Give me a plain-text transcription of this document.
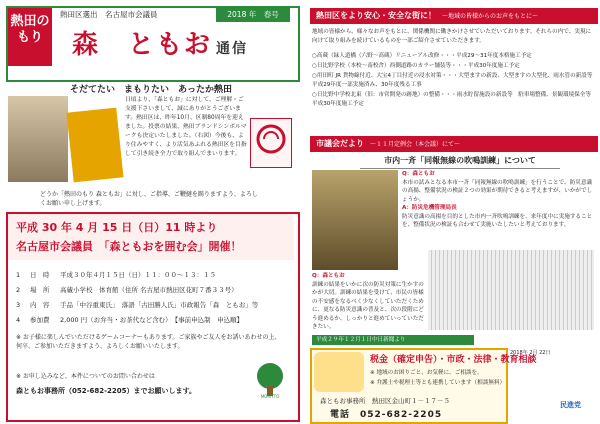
熱田の
もり
熱田区選出　名古屋市会議員	2018 年　春号
森　ともお 通信
そだてたい　まもりたい　あったか熱田
日頃より、「森ともお」に対して、ご理解・ご支援下さいまして、誠にありがとうございます。熱田区は、昨年10月、区制80周年を迎えました。投票の結果、熱田ブランドシンボルマークも決定いたしました。（右図）今後も、より住みやすく、より活気あふれる熱田区を目指して引き続き全力で取り組んでまいります。
どうか「熱田のもり 森ともお」に対し、ご指導、ご鞭撻を賜りますよう、よろしくお願い申し上げます。
平成 30 年 4 月 15 日（日）11 時より
名古屋市会議員　「森ともおを囲む会」開催！
1 日　時 平成３０年４月１５日（日）１１：００～１３：１５
2 場　所 高蔵小学校　体育館（住所 名古屋市熱田区花町７番３３号）
3 内　容 手品「中谷重東氏」　落語「古田勝人氏」市政報告「森　ともお」等
4 参加費 2,000 円（お弁当・お茶代など含む）　【事前申込制　申込順】
※ お子様に楽しんでいただけるゲームコーナーもあります。ご家族やご友人をお誘いあわせの上、何卒、ご参加いただきますよう、よろしくお願いいたします。
※ お申し込みなど、本件についてのお問い合わせは
森ともお事務所（052-682-2205）までお願いします。
MORITTO
熱田区をより安心・安全な街に！ ～地域の皆様からのお声をもとに～
地域の皆様から、様々なお声をもとに、関係機関に働きかけさせていただいております。それらの内で、実現に向けて取り組みを続けているものを一部ご紹介させていただきます。
○高蔵（緑人道橋（六野～高蔵）リニューアル改修・・・平成29～31年度本格施工予定
○日比野学校（本校～南校舎）西側道路のカラー舗装等・・・平成30年度施工予定
○用田町 JR 貨物線付近、大宝4丁目付近の浸水対策・・・大型ますの新設、大型ますの大型化、雨水管の新設等　平成29年度一部実施済み、30年度残る工事
○日比野中学校北東（旧：市営開発の跡地）の整備・・・雨水貯留施設の新設等　駐車場整備、景観環境保全等 平成30年度施工予定
市議会だより ～１１月定例会（本会議）にて～
市内一斉「同報無線の吹鳴訓練」について
Q：森ともお
本市の試みとなる本市一斉「同報無線の吹鳴訓練」を行うことで、防災意識の高揚、整備状況の検証２つの効果が期待できると考えますが、いかがでしょうか。
A：防災危機管理局長
防災意識の高揚を目的とした市内一斉吹鳴訓練を、来年度中に実施することを、整備状況の検証も合わせて実施いたしたいと考えております。
Q：森ともお
訓練の結果をいかに次の防災対策に生かすのかが大切。訓練の結果を受けて、市民の皆様の不安感をなるべく少なくしていただくために、更なる防災意識の普及と、次の段階にどう進めるか、しっかりと進めていっていただきたい。
平成２９年１２月１日中日新聞より
税金（確定申告）・市政・法律・教育相談
※ 地域のお困りごと、お気軽に、ご相談を。
※ 弁護士や税理士等とも連携しています（相談無料）
森ともお事務所　熱田区金山町１－１７－５
電話　052-682-2205
2018年 2月 22日
民進党
